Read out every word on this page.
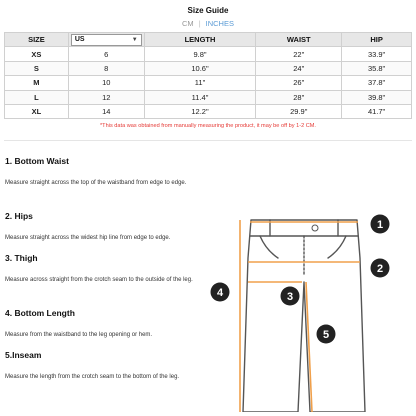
Size Guide
CM | INCHES
SIZE	US ▼	LENGTH	WAIST	HIP
XS	6	9.8"	22"	33.9"
S	8	10.6"	24"	35.8"
M	10	11"	26"	37.8"
L	12	11.4"	28"	39.8"
XL	14	12.2"	29.9"	41.7"
*This data was obtained from manually measuring the product, it may be off by 1-2 CM.
1. Bottom Waist
Measure straight across the top of the waistband from edge to edge.
2. Hips
Measure straight across the widest hip line from edge to edge.
3. Thigh
Measure across straight from the crotch seam to the outside of the leg.
4. Bottom Length
Measure from the waistband to the leg opening or hem.
5.Inseam
Measure the length from the crotch seam to the bottom of the leg.
1
2
3
4
5
